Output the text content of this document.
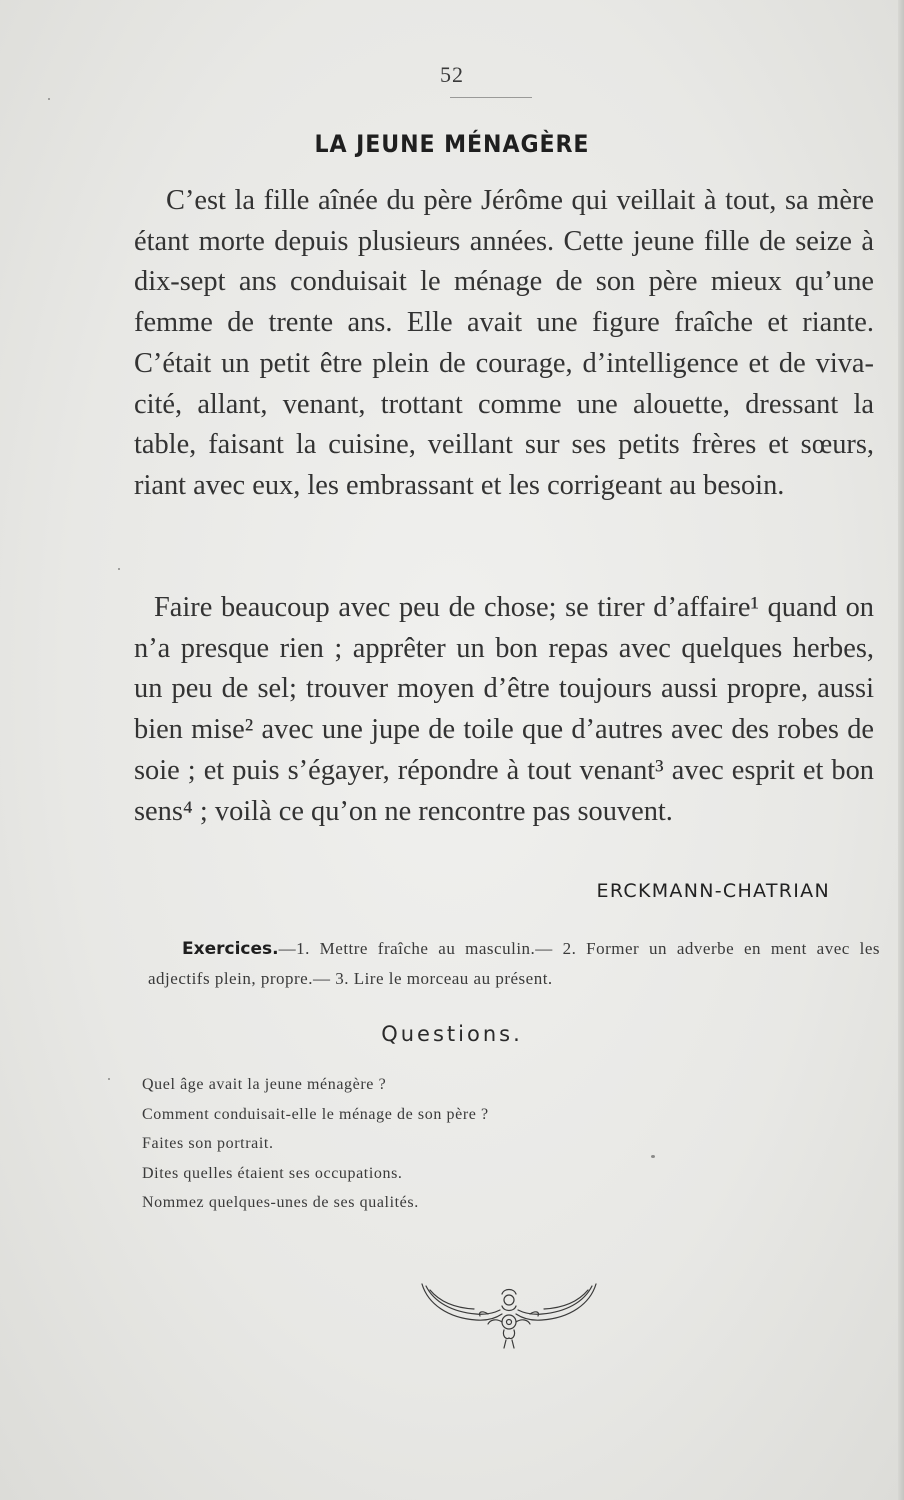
52
LA JEUNE MÉNAGÈRE

C’est la fille aînée du père Jérôme qui veillait à tout, sa mère étant morte depuis plusieurs années. Cette jeune fille de seize à dix-sept ans conduisait le ménage de son père mieux qu’une femme de trente ans. Elle avait une figure fraîche et riante. C’était un petit être plein de courage, d’intelligence et de vivacité, allant, venant, trottant comme une alouette, dressant la table, faisant la cuisine, veillant sur ses petits frères et sœurs, riant avec eux, les embrassant et les corrigeant au besoin.

Faire beaucoup avec peu de chose; se tirer d’affaire¹ quand on n’a presque rien ; apprêter un bon repas avec quelques herbes, un peu de sel; trouver moyen d’être toujours aussi propre, aussi bien mise² avec une jupe de toile que d’autres avec des robes de soie ; et puis s’égayer, répondre à tout venant³ avec esprit et bon sens⁴ ; voilà ce qu’on ne rencontre pas souvent.

ERCKMANN-CHATRIAN
Exercices.—1. Mettre fraîche au masculin.— 2. Former un adverbe en ment avec les adjectifs plein, propre.— 3. Lire le morceau au présent.
Questions.
Quel âge avait la jeune ménagère ?
Comment conduisait-elle le ménage de son père ?
Faites son portrait.
Dites quelles étaient ses occupations.
Nommez quelques-unes de ses qualités.
